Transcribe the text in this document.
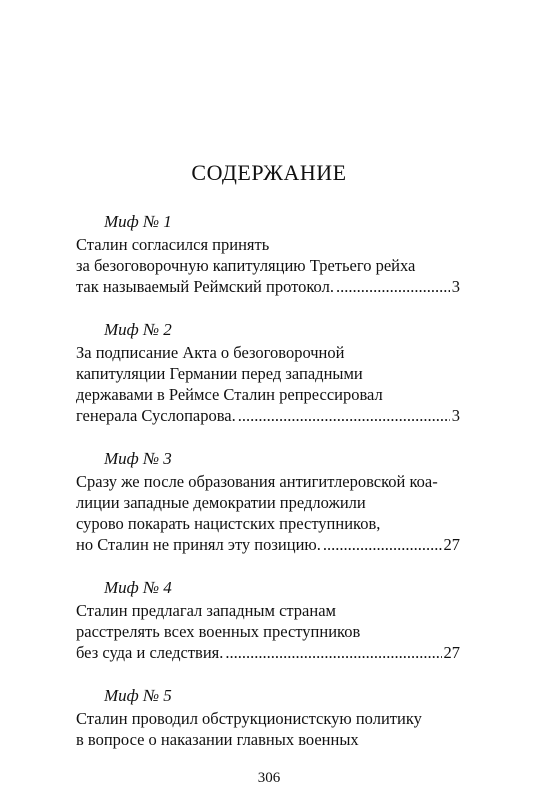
СОДЕРЖАНИЕ
Миф № 1
Сталин согласился принять
за безоговорочную капитуляцию Третьего рейха
так называемый Реймский протокол. .....	3
Миф № 2
За подписание Акта о безоговорочной
капитуляции Германии перед западными
державами в Реймсе Сталин репрессировал
генерала Суслопарова. .....	3
Миф № 3
Сразу же после образования антигитлеровской коа-
лиции западные демократии предложили
сурово покарать нацистских преступников,
но Сталин не принял эту позицию. .....	27
Миф № 4
Сталин предлагал западным странам
расстрелять всех военных преступников
без суда и следствия. .....	27
Миф № 5
Сталин проводил обструкционистскую политику
в вопросе о наказании главных военных
306
